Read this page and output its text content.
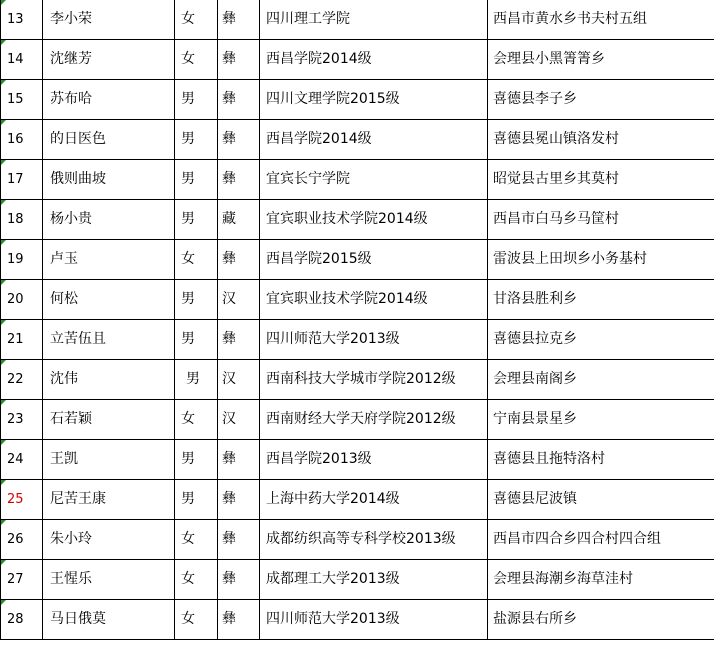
13	李小荣	女	彝	四川理工学院	西昌市黄水乡书夫村五组
14	沈继芳	女	彝	西昌学院2014级	会理县小黑箐箐乡
15	苏布哈	男	彝	四川文理学院2015级	喜德县李子乡
16	的日医色	男	彝	西昌学院2014级	喜德县冕山镇洛发村
17	俄则曲坡	男	彝	宜宾长宁学院	昭觉县古里乡其莫村
18	杨小贵	男	藏	宜宾职业技术学院2014级	西昌市白马乡马筐村
19	卢玉	女	彝	西昌学院2015级	雷波县上田坝乡小务基村
20	何松	男	汉	宜宾职业技术学院2014级	甘洛县胜利乡
21	立苦伍且	男	彝	四川师范大学2013级	喜德县拉克乡
22	沈伟	男	汉	西南科技大学城市学院2012级	会理县南阁乡
23	石若颖	女	汉	西南财经大学天府学院2012级	宁南县景星乡
24	王凯	男	彝	西昌学院2013级	喜德县且拖特洛村
25	尼苦王康	男	彝	上海中药大学2014级	喜德县尼波镇
26	朱小玲	女	彝	成都纺织高等专科学校2013级	西昌市四合乡四合村四合组
27	王惺乐	女	彝	成都理工大学2013级	会理县海潮乡海草洼村
28	马日俄莫	女	彝	四川师范大学2013级	盐源县右所乡
